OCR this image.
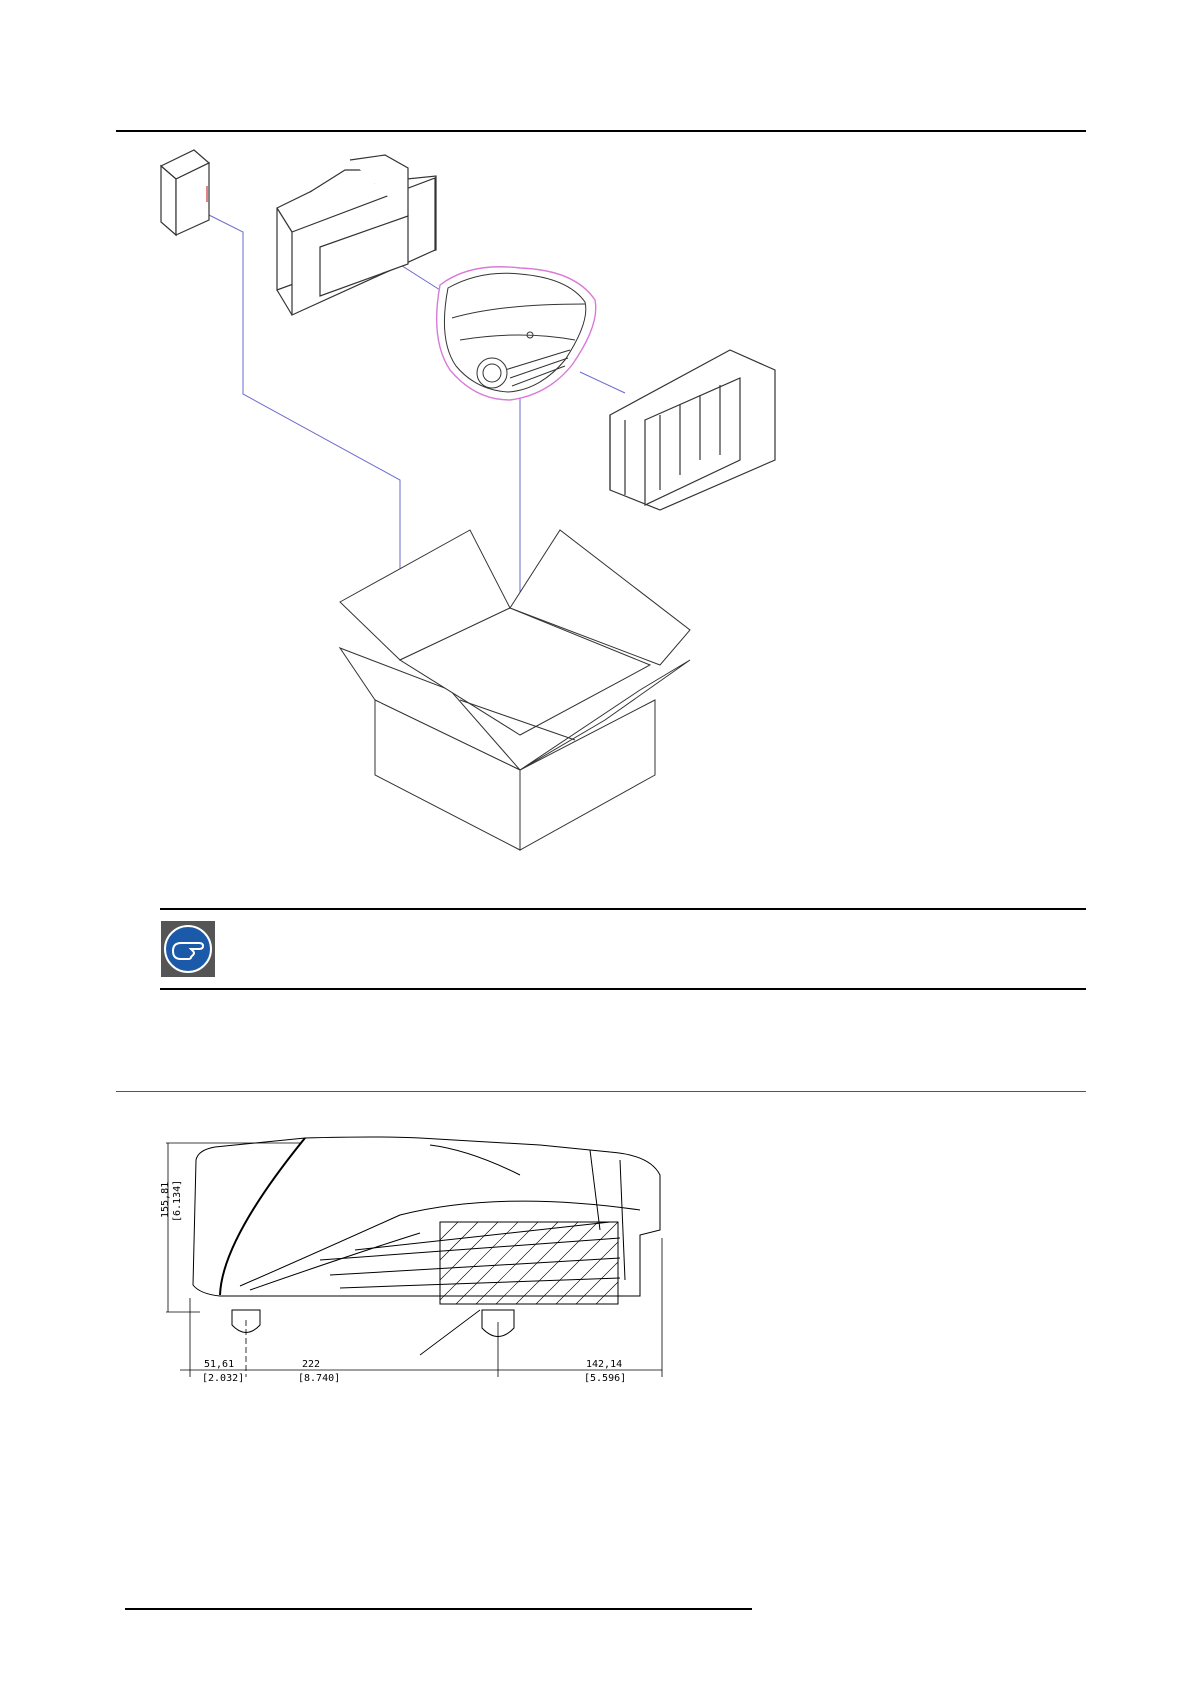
155,81 [6.134]
51,61
[2.032]
222
[8.740]
142,14
[5.596]
